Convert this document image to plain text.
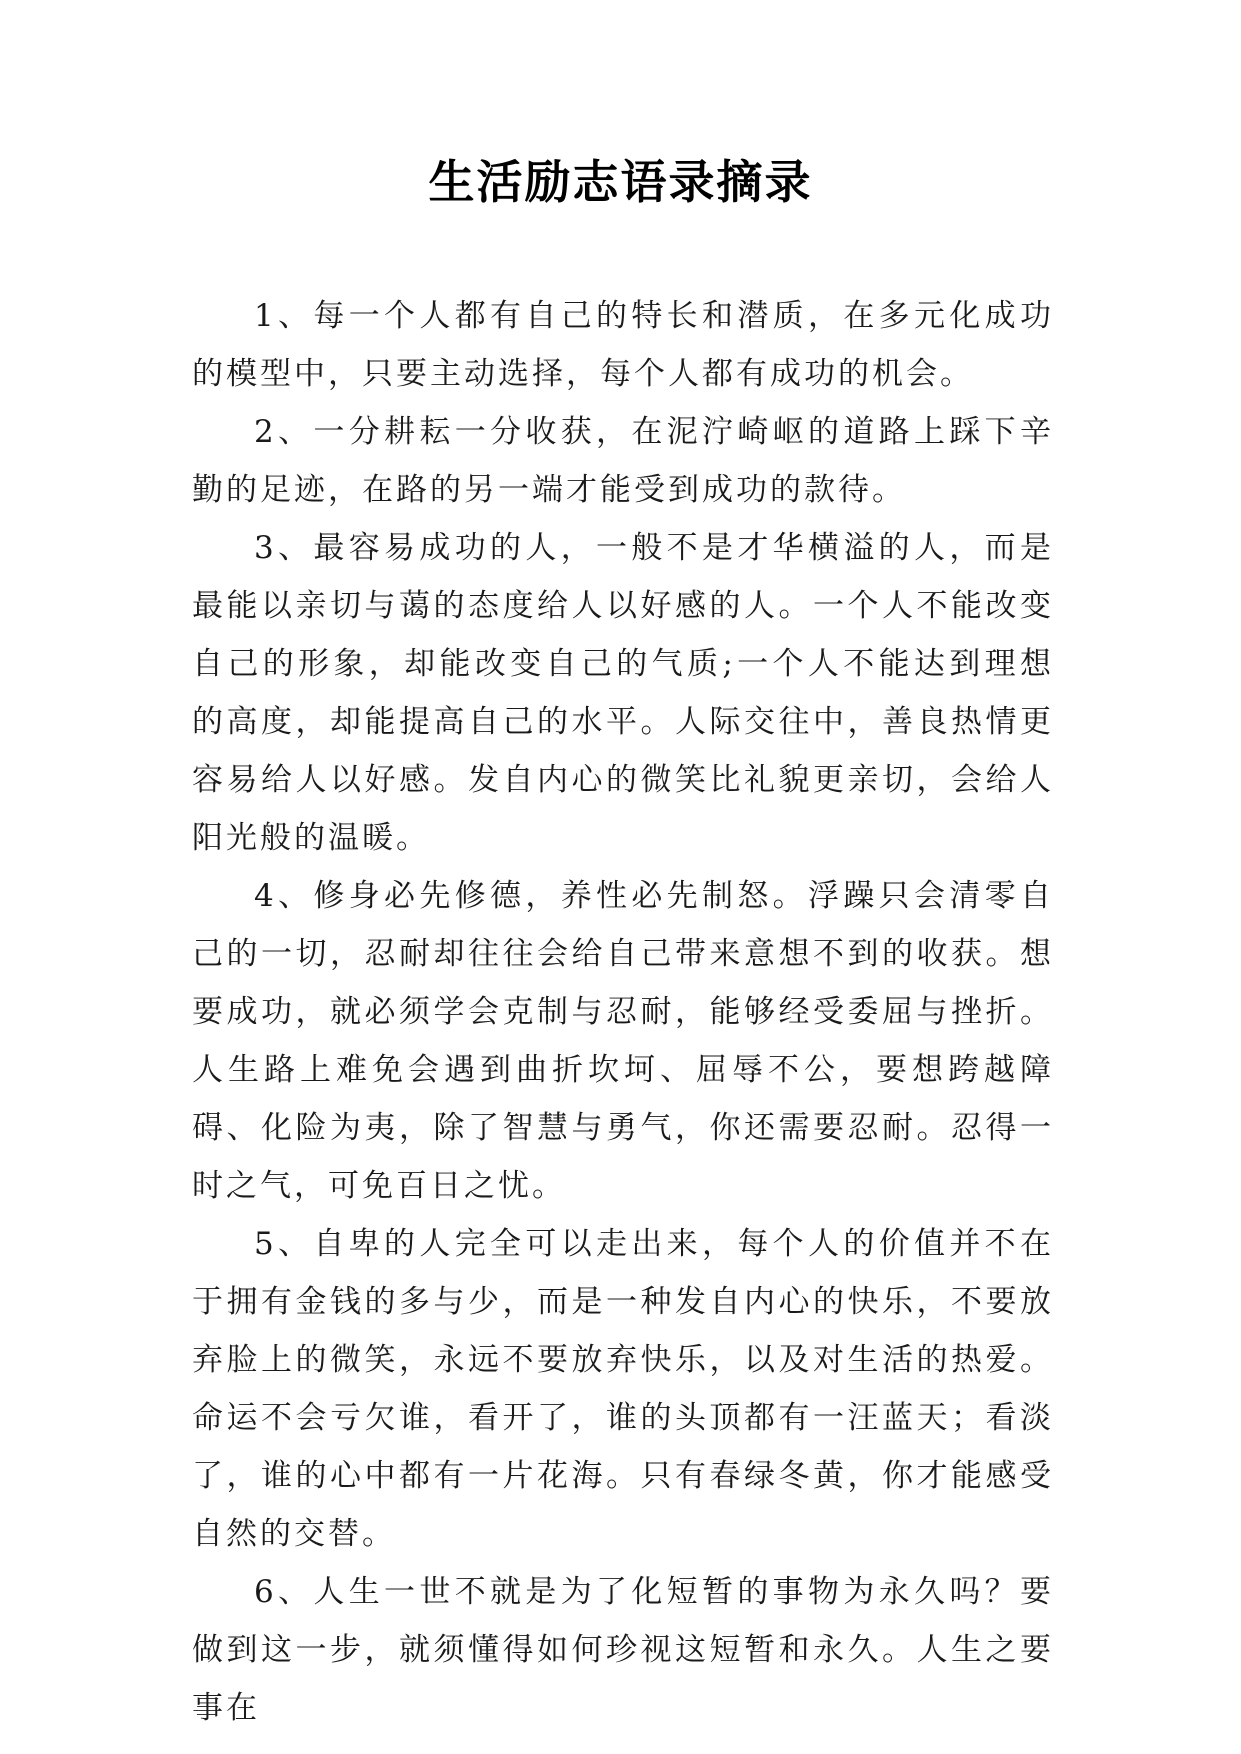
生活励志语录摘录

1、每一个人都有自己的特长和潜质，在多元化成功的模型中，只要主动选择，每个人都有成功的机会。

2、一分耕耘一分收获，在泥泞崎岖的道路上踩下辛勤的足迹，在路的另一端才能受到成功的款待。

3、最容易成功的人，一般不是才华横溢的人，而是最能以亲切与蔼的态度给人以好感的人。一个人不能改变自己的形象，却能改变自己的气质;一个人不能达到理想的高度，却能提高自己的水平。人际交往中，善良热情更容易给人以好感。发自内心的微笑比礼貌更亲切，会给人阳光般的温暖。

4、修身必先修德，养性必先制怒。浮躁只会清零自己的一切，忍耐却往往会给自己带来意想不到的收获。想要成功，就必须学会克制与忍耐，能够经受委屈与挫折。人生路上难免会遇到曲折坎坷、屈辱不公，要想跨越障碍、化险为夷，除了智慧与勇气，你还需要忍耐。忍得一时之气，可免百日之忧。

5、自卑的人完全可以走出来，每个人的价值并不在于拥有金钱的多与少，而是一种发自内心的快乐，不要放弃脸上的微笑，永远不要放弃快乐，以及对生活的热爱。命运不会亏欠谁，看开了，谁的头顶都有一汪蓝天；看淡了，谁的心中都有一片花海。只有春绿冬黄，你才能感受自然的交替。

6、人生一世不就是为了化短暂的事物为永久吗？要做到这一步，就须懂得如何珍视这短暂和永久。人生之要事在
